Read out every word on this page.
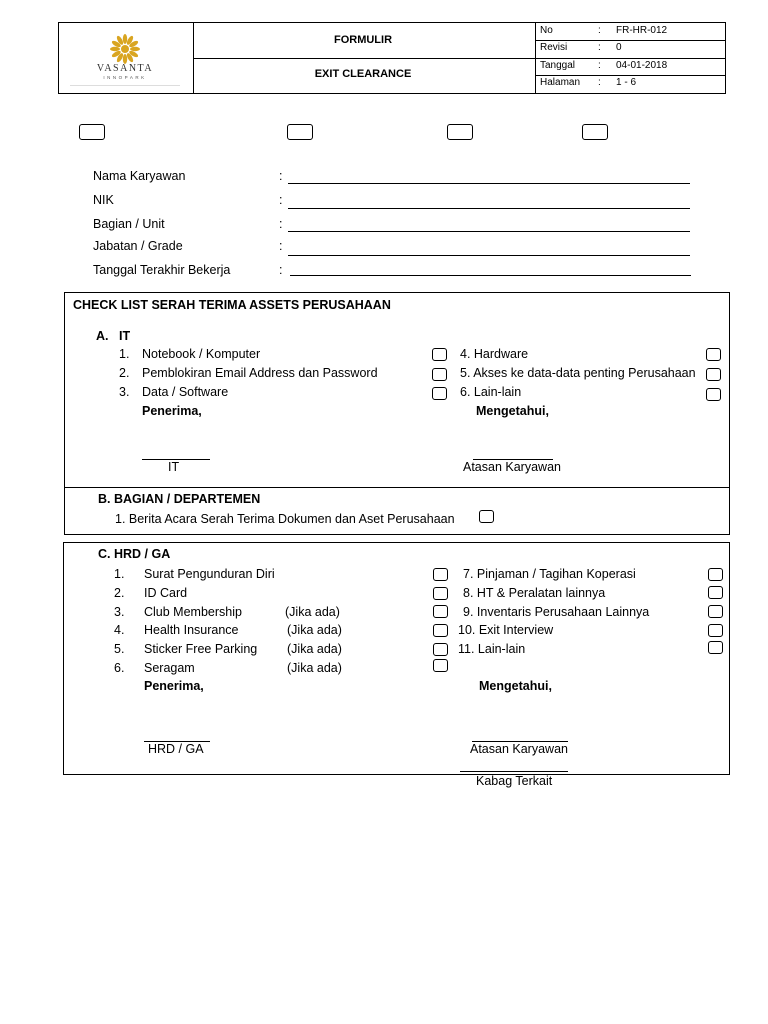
VASANTA
INNOPARK
FORMULIR
EXIT CLEARANCE
No	: FR-HR-012
Revisi	: 0
Tanggal : 04-01-2018
Halaman : 1 - 6
Nama Karyawan	:
NIK	:
Bagian / Unit	:
Jabatan / Grade	:
Tanggal Terakhir Bekerja	:
CHECK LIST SERAH TERIMA ASSETS PERUSAHAAN
A. IT
1. Notebook / Komputer
2. Pemblokiran Email Address dan Password
3. Data / Software
4. Hardware
5. Akses ke data-data penting Perusahaan
6. Lain-lain
Penerima,	Mengetahui,
IT	Atasan Karyawan
B. BAGIAN / DEPARTEMEN
1. Berita Acara Serah Terima Dokumen dan Aset Perusahaan
C. HRD / GA
1. Surat Pengunduran Diri
2. ID Card
3. Club Membership	(Jika ada)
4. Health Insurance	(Jika ada)
5. Sticker Free Parking (Jika ada)
6. Seragam	(Jika ada)
7. Pinjaman / Tagihan Koperasi
8. HT & Peralatan lainnya
9. Inventaris Perusahaan Lainnya
10. Exit Interview
11. Lain-lain
Penerima,	Mengetahui,
HRD / GA	Atasan Karyawan
Kabag Terkait
